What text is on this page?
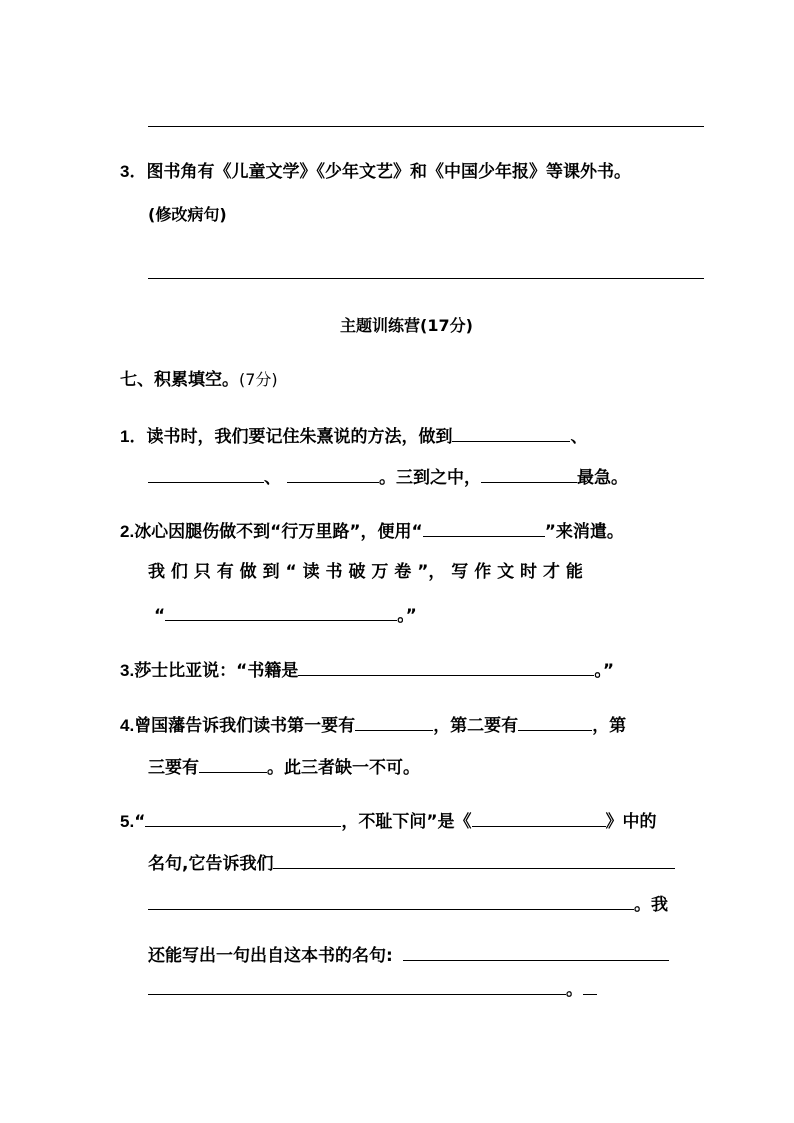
3．图书角有《儿童文学》《少年文艺》和《中国少年报》等课外书。
(修改病句)
主题训练营(17分)
七、积累填空。(7分)
1．读书时，我们要记住朱熹说的方法，做到	、
、	。三到之中，	最急。
2.冰心因腿伤做不到“行万里路”，便用“	”来消遣。
我 们 只 有 做 到 “ 读 书 破 万 卷 ”， 写 作 文 时 才 能
“	。”
3.莎士比亚说：“书籍是	。”
4.曾国藩告诉我们读书第一要有	，第二要有	，第
三要有	。此三者缺一不可。
5.“	，不耻下问”是《	》中的
名句,它告诉我们
。我
还能写出一句出自这本书的名句:
。
